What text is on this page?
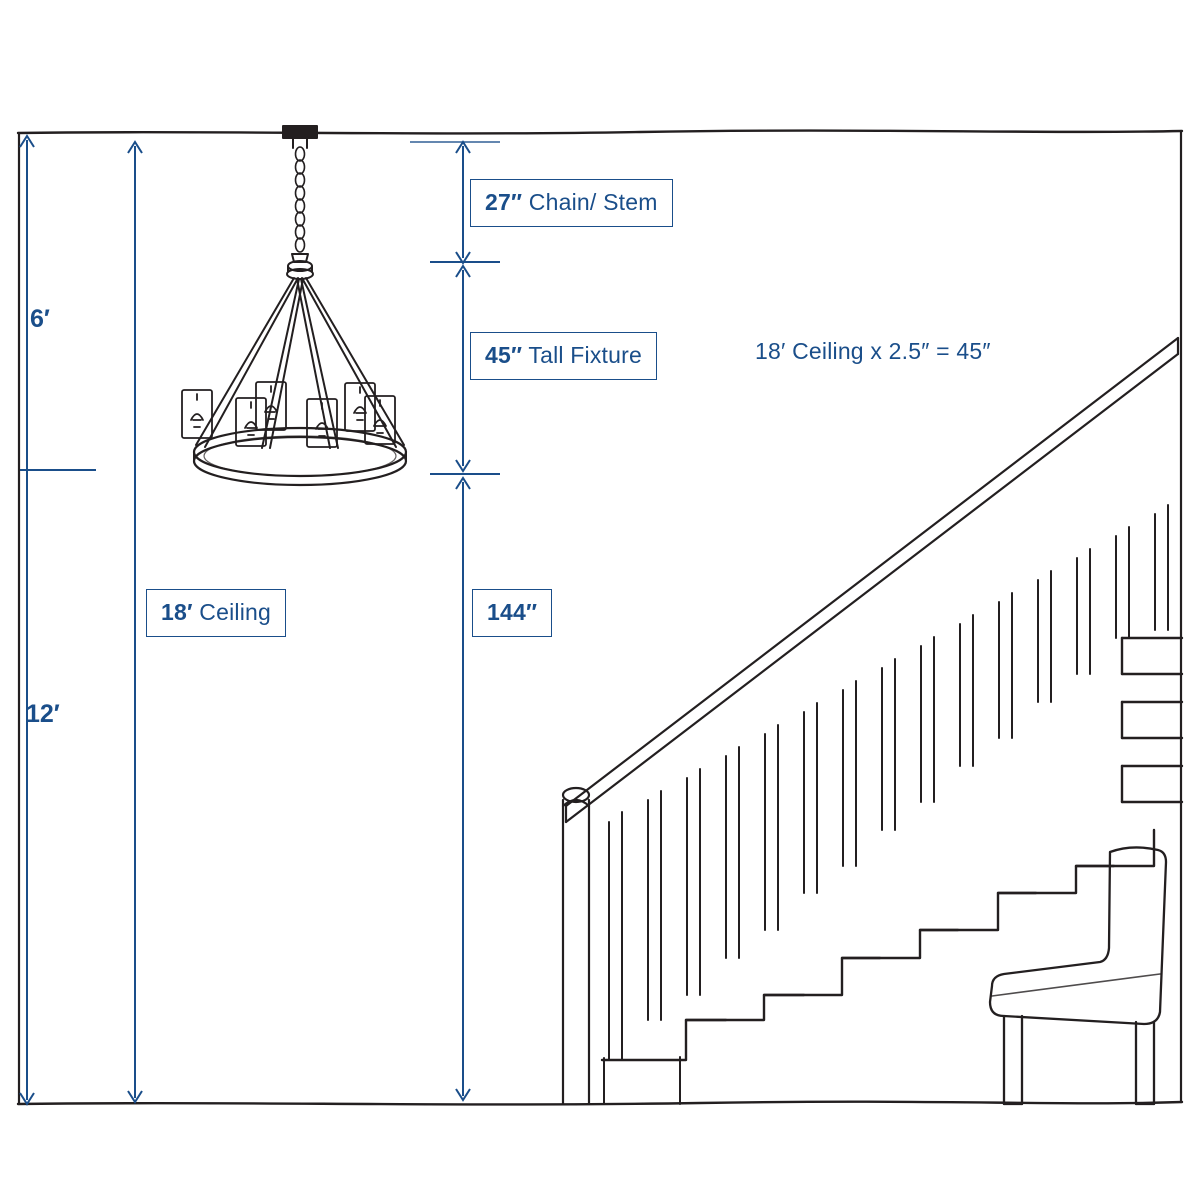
6′
12′
27″ Chain/ Stem
45″ Tall Fixture	18′ Ceiling x 2.5″ = 45″
18′ Ceiling	144″
